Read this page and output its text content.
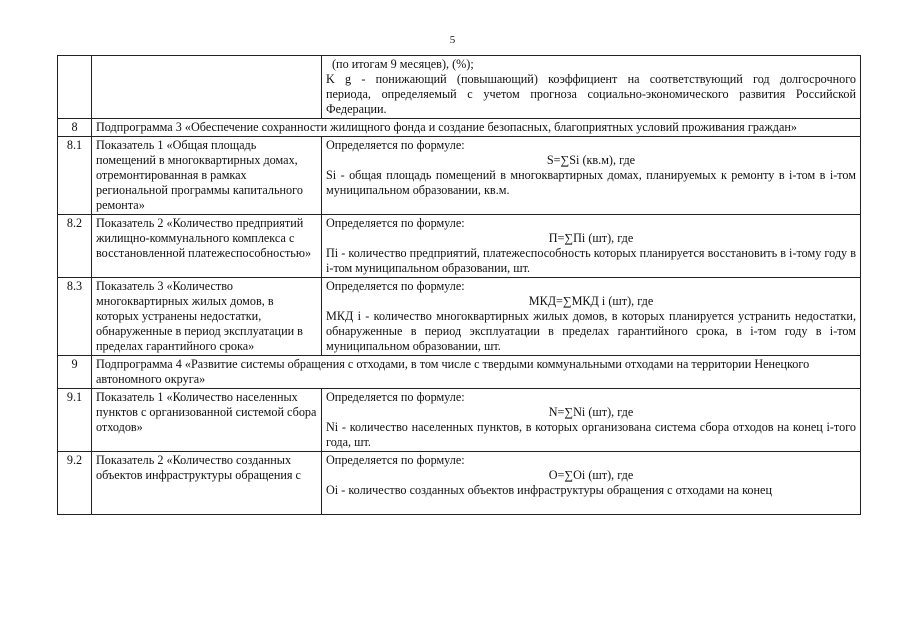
5

		(по итогам 9 месяцев), (%);
K g - понижающий (повышающий) коэффициент на соответствующий год долгосрочного периода, определяемый с учетом прогноза социально-экономического развития Российской Федерации.
8	Подпрограмма 3 «Обеспечение сохранности жилищного фонда и создание безопасных, благоприятных условий проживания граждан»	
8.1	Показатель 1 «Общая площадь помещений в многоквартирных домах, отремонтированная в рамках региональной программы капитального ремонта»	Определяется по формуле:
S=∑Si (кв.м), где
Si - общая площадь помещений в многоквартирных домах, планируемых к ремонту в i-том в i-том муниципальном образовании, кв.м.

8.2	Показатель 2 «Количество предприятий жилищно-коммунального комплекса с восстановленной платежеспособностью»	Определяется по формуле:
П=∑Пi (шт), где
Пi - количество предприятий, платежеспособность которых планируется восстановить в i-тому году в i-том муниципальном образовании, шт.

8.3	Показатель 3 «Количество многоквартирных жилых домов, в которых устранены недостатки, обнаруженные в период эксплуатации в пределах гарантийного срока»	Определяется по формуле:
МКД=∑МКД i (шт), где
МКД i - количество многоквартирных жилых домов, в которых планируется устранить недостатки, обнаруженные в период эксплуатации в пределах гарантийного срока, в i-том году в i-том муниципальном образовании, шт.

9	Подпрограмма 4 «Развитие системы обращения с отходами, в том числе с твердыми коммунальными отходами на территории Ненецкого автономного округа»	
9.1	Показатель 1 «Количество населенных пунктов с организованной системой сбора отходов»	Определяется по формуле:
N=∑Ni (шт), где
Ni - количество населенных пунктов, в которых организована система сбора отходов на конец i-того года, шт.

9.2	Показатель 2 «Количество созданных объектов инфраструктуры обращения с	Определяется по формуле:
O=∑Oi (шт), где
Oi - количество созданных объектов инфраструктуры обращения с отходами на конец
